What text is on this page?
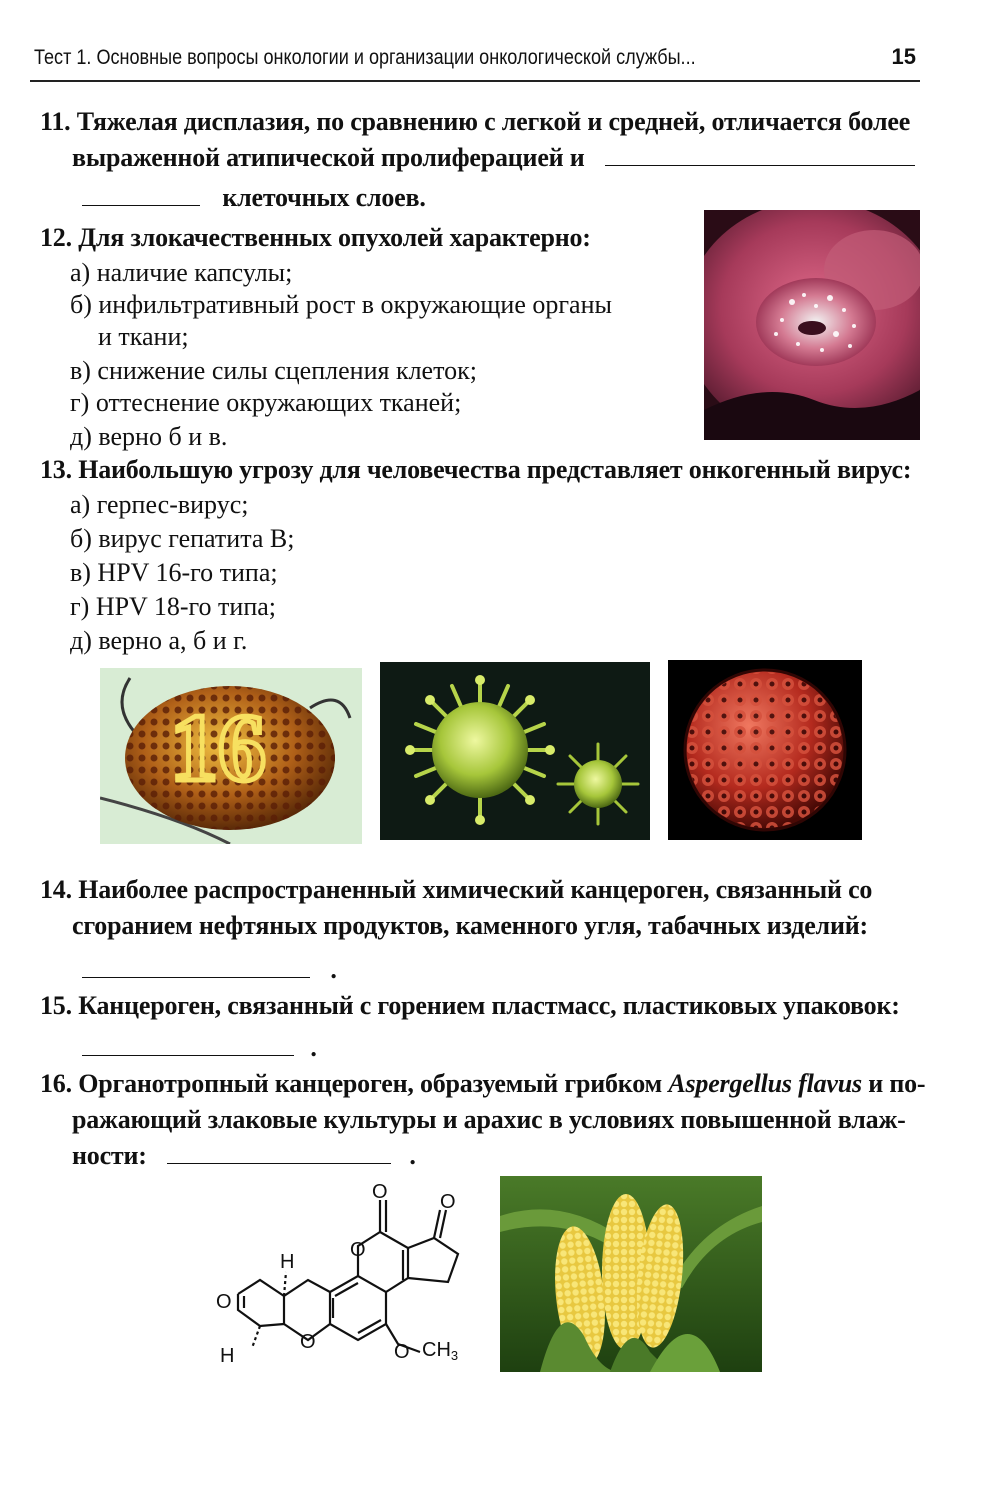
Тест 1. Основные вопросы онкологии и организации онкологической службы...	15
11. Тяжелая дисплазия, по сравнению с легкой и средней, отличается более
выраженной атипической пролиферацией и
клеточных слоев.
12. Для злокачественных опухолей характерно:
а) наличие капсулы;
б) инфильтративный рост в окружающие органы
и ткани;
в) снижение силы сцепления клеток;
г) оттеснение окружающих тканей;
д) верно б и в.
13. Наибольшую угрозу для человечества представляет онкогенный вирус:
а) герпес-вирус;
б) вирус гепатита В;
в) HPV 16-го типа;
г) HPV 18-го типа;
д) верно а, б и г.
16
14. Наиболее распространенный химический канцероген, связанный со
сгоранием нефтяных продуктов, каменного угля, табачных изделий:
.
15. Канцероген, связанный с горением пластмасс, пластиковых упаковок:
.
16. Органотропный канцероген, образуемый грибком Aspergellus flavus и по-
ражающий злаковые культуры и арахис в условиях повышенной влаж-
ности:	.
O	O
O
O
O
O
H
H	$CH_3$
